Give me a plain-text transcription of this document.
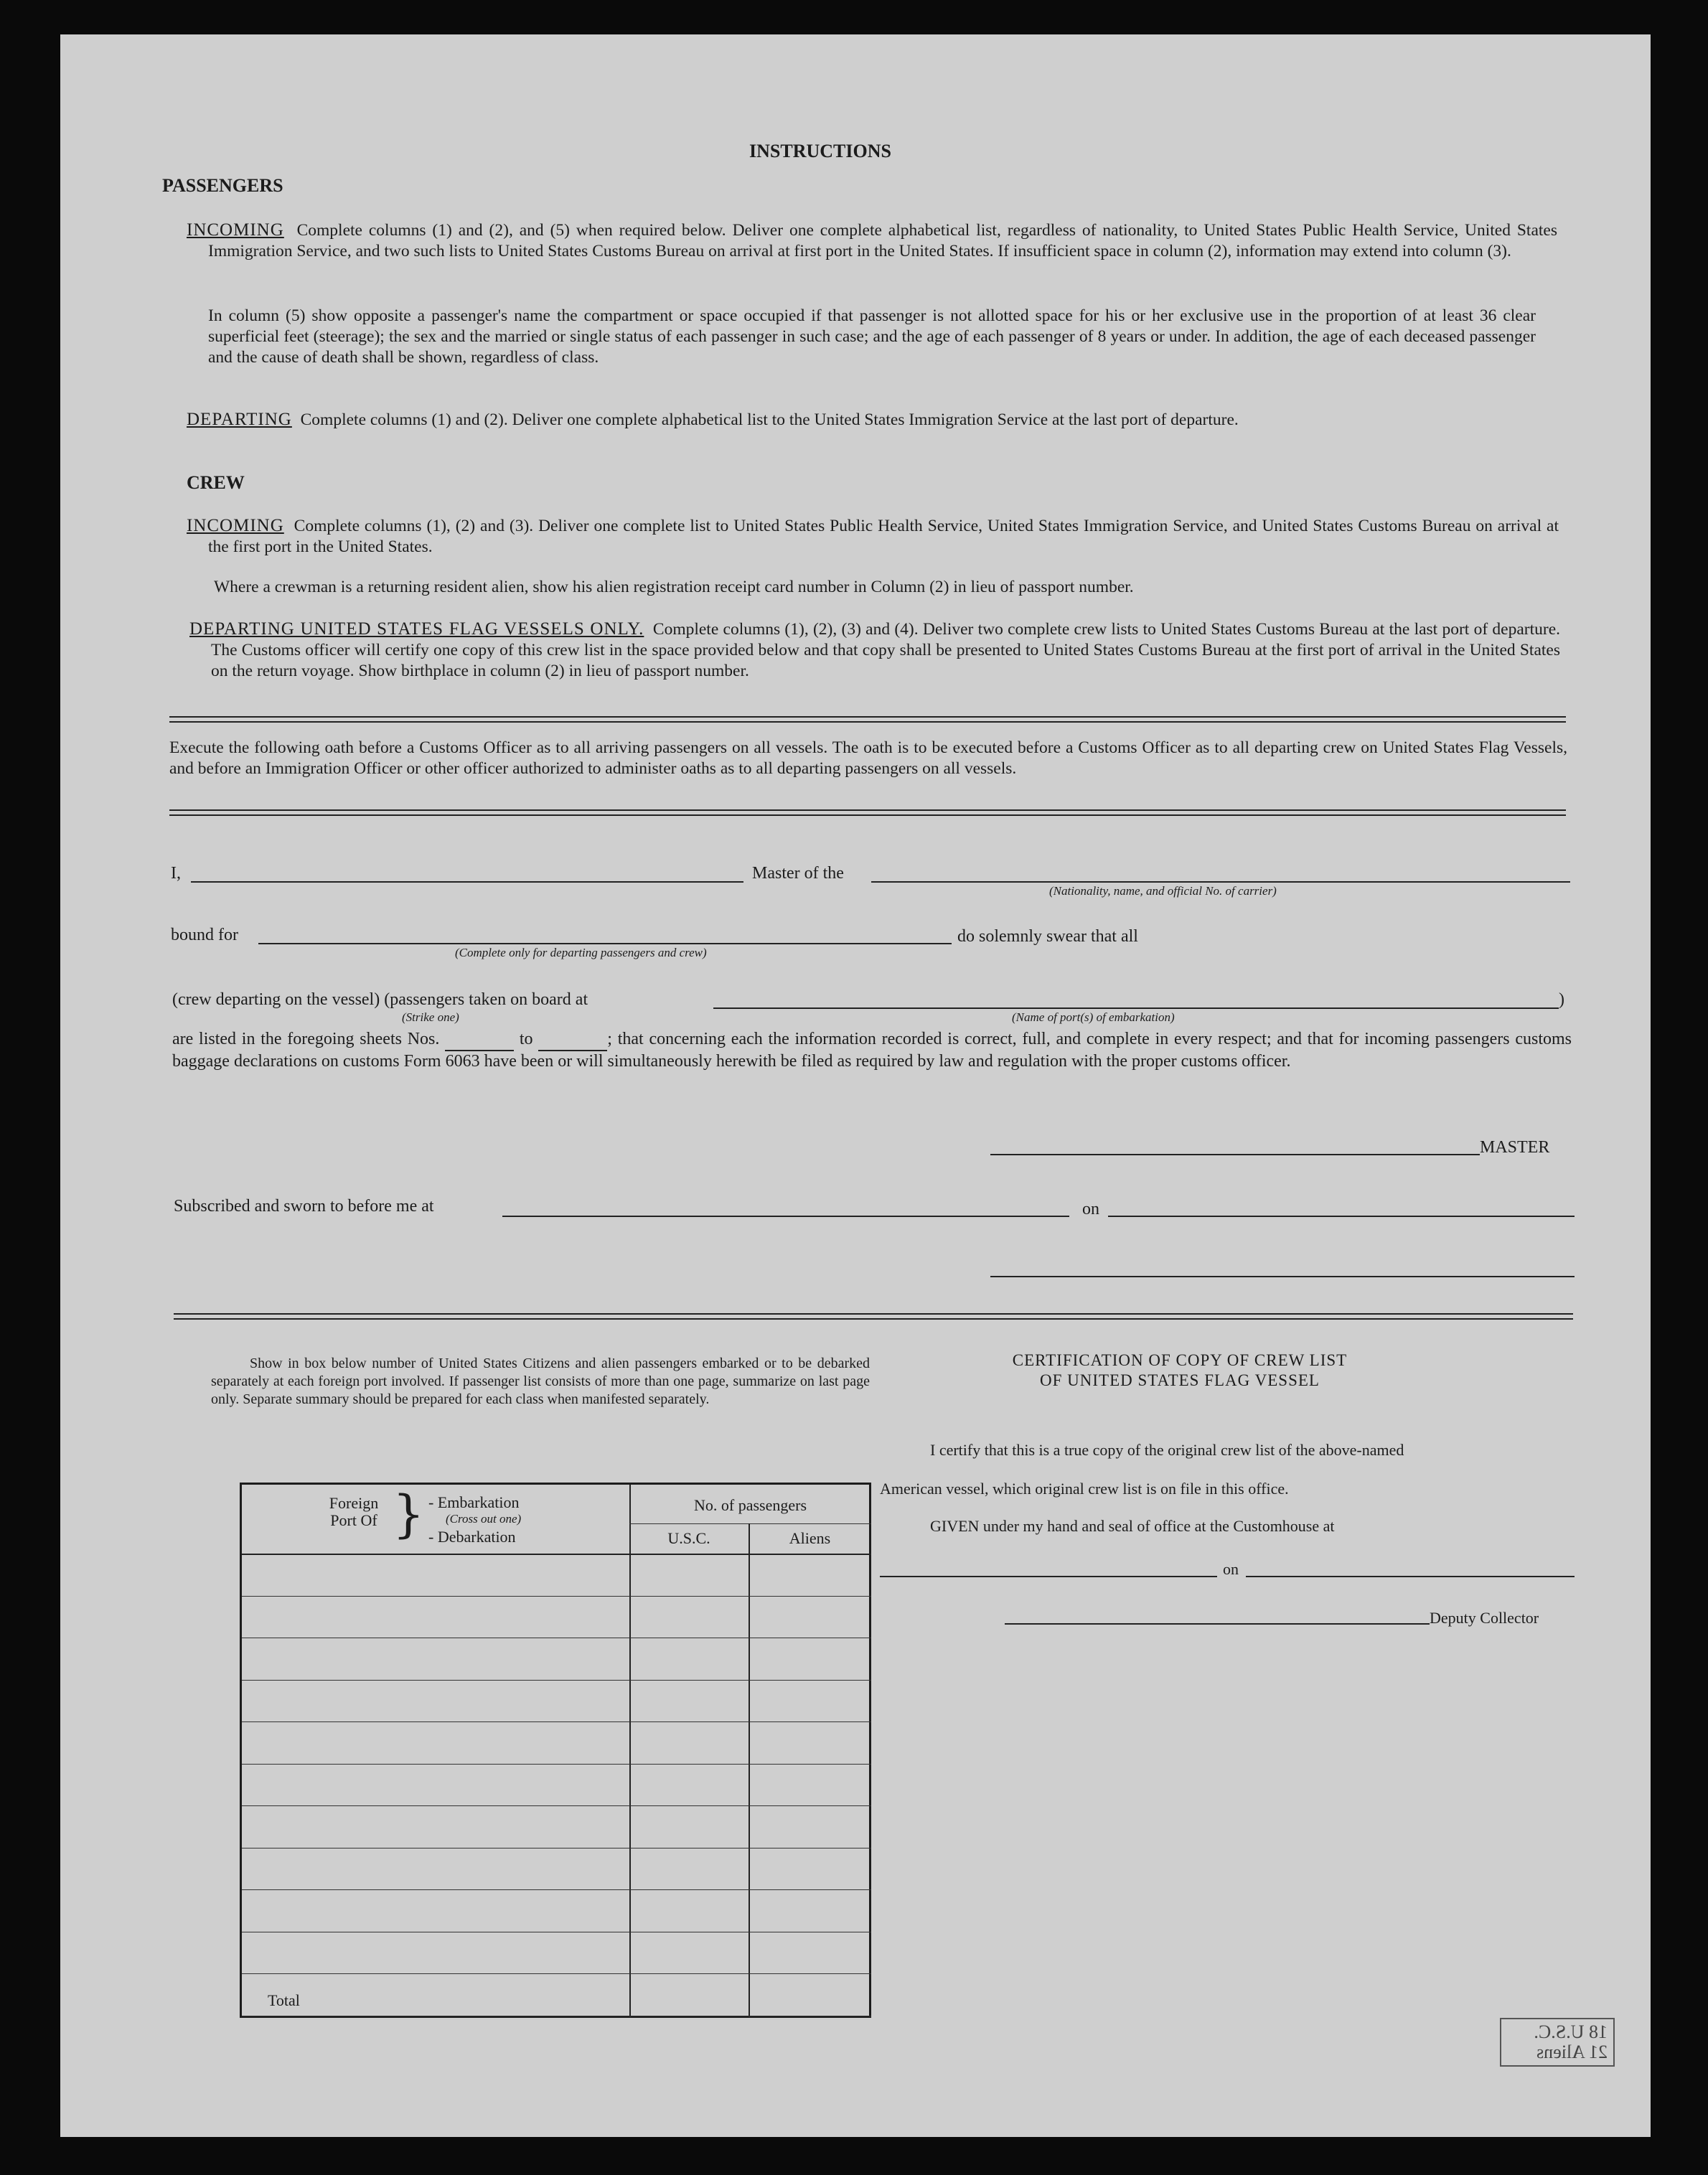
INSTRUCTIONS
PASSENGERS
INCOMING Complete columns (1) and (2), and (5) when required below. Deliver one complete alphabetical list, regardless of nationality, to United States Public Health Service, United States Immigration Service, and two such lists to United States Customs Bureau on arrival at first port in the United States. If insufficient space in column (2), information may extend into column (3).
In column (5) show opposite a passenger's name the compartment or space occupied if that passenger is not allotted space for his or her exclusive use in the proportion of at least 36 clear superficial feet (steerage); the sex and the married or single status of each passenger in such case; and the age of each passenger of 8 years or under. In addition, the age of each deceased passenger and the cause of death shall be shown, regardless of class.
DEPARTING Complete columns (1) and (2). Deliver one complete alphabetical list to the United States Immigration Service at the last port of departure.
CREW
INCOMING Complete columns (1), (2) and (3). Deliver one complete list to United States Public Health Service, United States Immigration Service, and United States Customs Bureau on arrival at the first port in the United States.
Where a crewman is a returning resident alien, show his alien registration receipt card number in Column (2) in lieu of passport number.
DEPARTING UNITED STATES FLAG VESSELS ONLY. Complete columns (1), (2), (3) and (4). Deliver two complete crew lists to United States Customs Bureau at the last port of departure. The Customs officer will certify one copy of this crew list in the space provided below and that copy shall be presented to United States Customs Bureau at the first port of arrival in the United States on the return voyage. Show birthplace in column (2) in lieu of passport number.
Execute the following oath before a Customs Officer as to all arriving passengers on all vessels. The oath is to be executed before a Customs Officer as to all departing crew on United States Flag Vessels, and before an Immigration Officer or other officer authorized to administer oaths as to all departing passengers on all vessels.
I,	Master of the
(Nationality, name, and official No. of carrier)
bound for
(Complete only for departing passengers and crew)
do solemnly swear that all
(crew departing on the vessel) (passengers taken on board at	)
(Strike one)	(Name of port(s) of embarkation)
are listed in the foregoing sheets Nos.	to	; that concerning each the information recorded is correct, full, and complete in every respect; and that for incoming passengers customs baggage declarations on customs Form 6063 have been or will simultaneously herewith be filed as required by law and regulation with the proper customs officer.
MASTER
Subscribed and sworn to before me at	on
Show in box below number of United States Citizens and alien passengers embarked or to be debarked separately at each foreign port involved. If passenger list consists of more than one page, summarize on last page only. Separate summary should be prepared for each class when manifested separately.
Foreign Port Of } - Embarkation
(Cross out one)
- Debarkation
No. of passengers
U.S.C.	Aliens
Total
CERTIFICATION OF COPY OF CREW LIST
OF UNITED STATES FLAG VESSEL
I certify that this is a true copy of the original crew list of the above-named
American vessel, which original crew list is on file in this office.
GIVEN under my hand and seal of office at the Customhouse at
on
Deputy Collector
18 U.S.C.
21 Aliens
